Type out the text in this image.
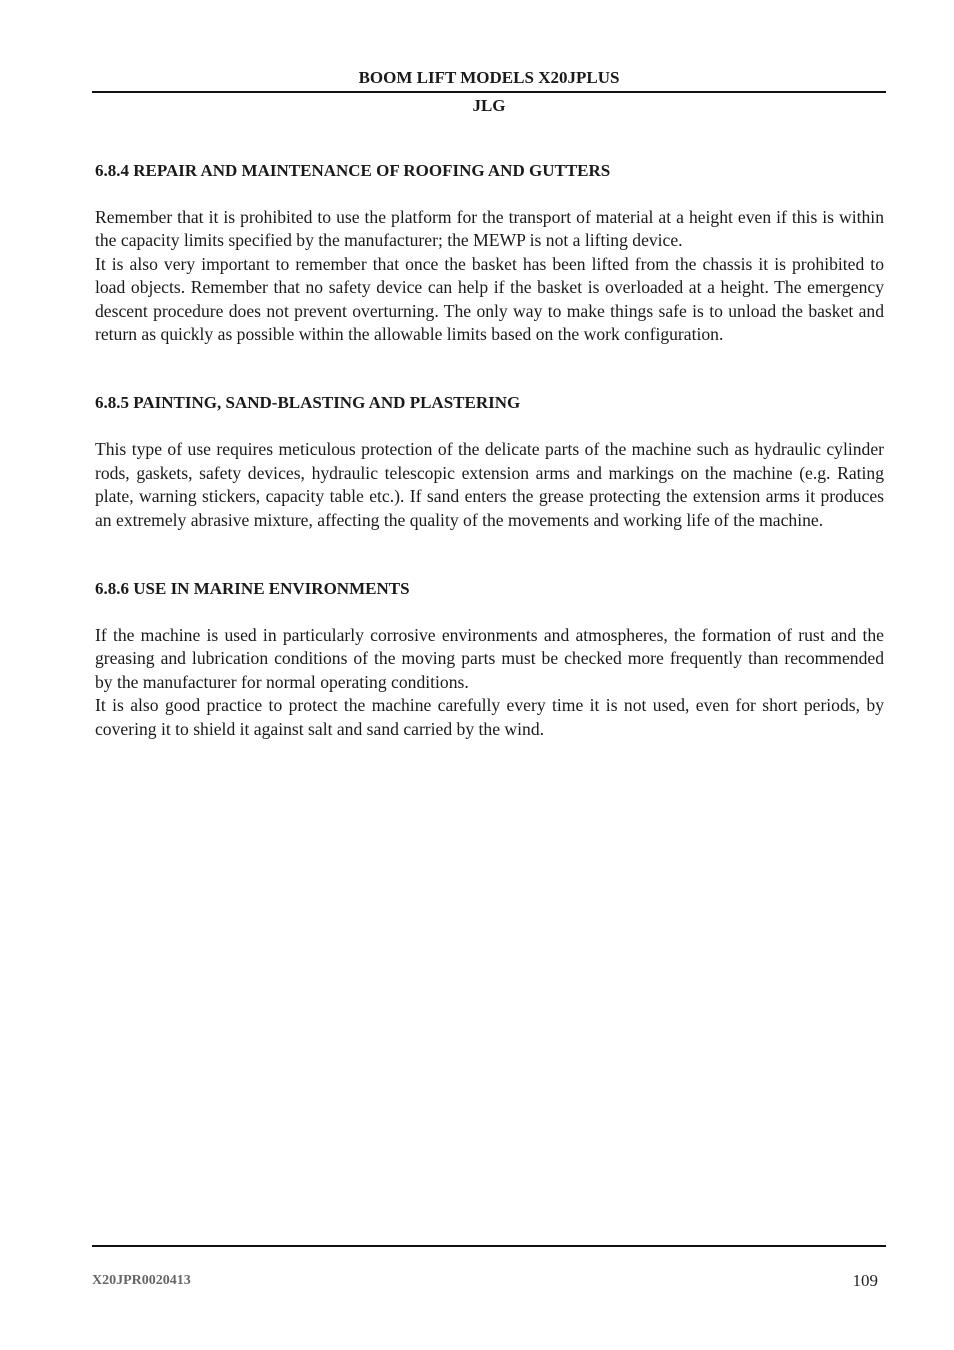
BOOM LIFT MODELS X20JPLUS
JLG
6.8.4 REPAIR AND MAINTENANCE OF ROOFING AND GUTTERS

Remember that it is prohibited to use the platform for the transport of material at a height even if this is within the capacity limits specified by the manufacturer; the MEWP is not a lifting device.

It is also very important to remember that once the basket has been lifted from the chassis it is prohibited to load objects. Remember that no safety device can help if the basket is overloaded at a height. The emergency descent procedure does not prevent overturning. The only way to make things safe is to unload the basket and return as quickly as possible within the allowable limits based on the work configuration.

6.8.5 PAINTING, SAND-BLASTING AND PLASTERING

This type of use requires meticulous protection of the delicate parts of the machine such as hydraulic cylinder rods, gaskets, safety devices, hydraulic telescopic extension arms and markings on the machine (e.g. Rating plate, warning stickers, capacity table etc.). If sand enters the grease protecting the extension arms it produces an extremely abrasive mixture, affecting the quality of the movements and working life of the machine.

6.8.6 USE IN MARINE ENVIRONMENTS

If the machine is used in particularly corrosive environments and atmospheres, the formation of rust and the greasing and lubrication conditions of the moving parts must be checked more frequently than recommended by the manufacturer for normal operating conditions.

It is also good practice to protect the machine carefully every time it is not used, even for short periods, by covering it to shield it against salt and sand carried by the wind.

X20JPR0020413	109
